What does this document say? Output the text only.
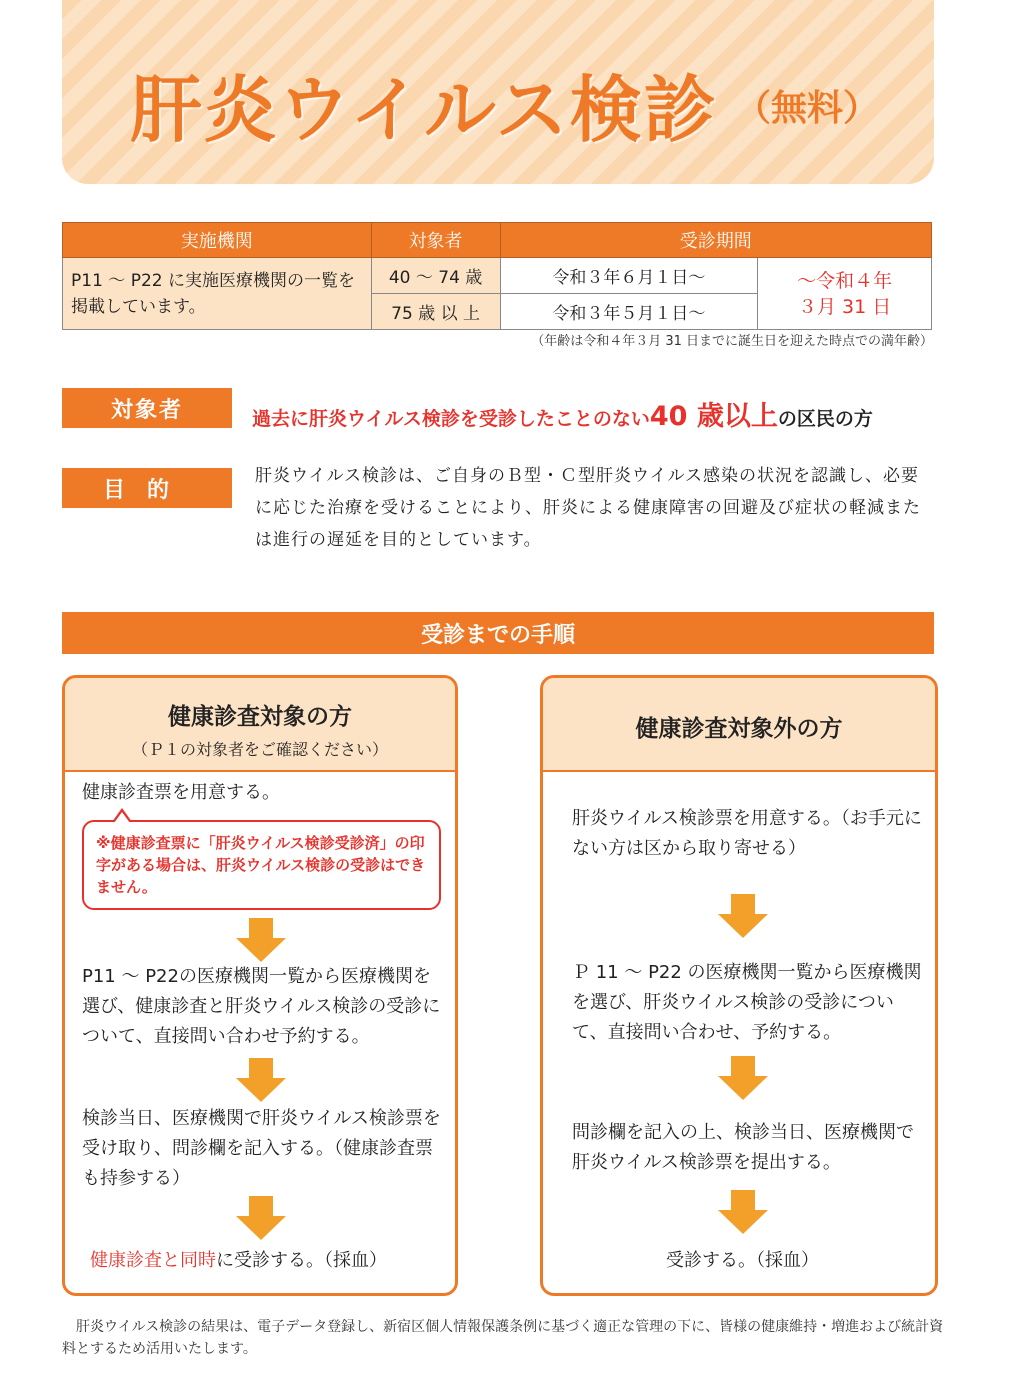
肝炎ウイルス検診 （無料）
実施機関	対象者	受診期間	
P11 ～ P22 に実施医療機関の一覧を掲載しています。	40 ～ 74 歳	令和３年６月１日～	～令和４年
３月 31 日

	75 歳 以 上	令和３年５月１日～	
（年齢は令和４年３月 31 日までに誕生日を迎えた時点での満年齢）
対象者	過去に肝炎ウイルス検診を受診したことのない40 歳以上の区民の方
目的
肝炎ウイルス検診は、ご自身のＢ型・Ｃ型肝炎ウイルス感染の状況を認識し、必要に応じた治療を受けることにより、肝炎による健康障害の回避及び症状の軽減または進行の遅延を目的としています。
受診までの手順
健康診査対象の方
（Ｐ１の対象者をご確認ください）
健康診査票を用意する。
※健康診査票に「肝炎ウイルス検診受診済」の印字がある場合は、肝炎ウイルス検診の受診はできません。
P11 ～ P22の医療機関一覧から医療機関を選び、健康診査と肝炎ウイルス検診の受診について、直接問い合わせ予約する。
検診当日、医療機関で肝炎ウイルス検診票を受け取り、問診欄を記入する。（健康診査票も持参する）
健康診査と同時に受診する。（採血）
健康診査対象外の方
肝炎ウイルス検診票を用意する。（お手元にない方は区から取り寄せる）
Ｐ 11 ～ P22 の医療機関一覧から医療機関を選び、肝炎ウイルス検診の受診について、直接問い合わせ、予約する。
問診欄を記入の上、検診当日、医療機関で肝炎ウイルス検診票を提出する。
受診する。（採血）
肝炎ウイルス検診の結果は、電子データ登録し、新宿区個人情報保護条例に基づく適正な管理の下に、皆様の健康維持・増進および統計資料とするため活用いたします。
